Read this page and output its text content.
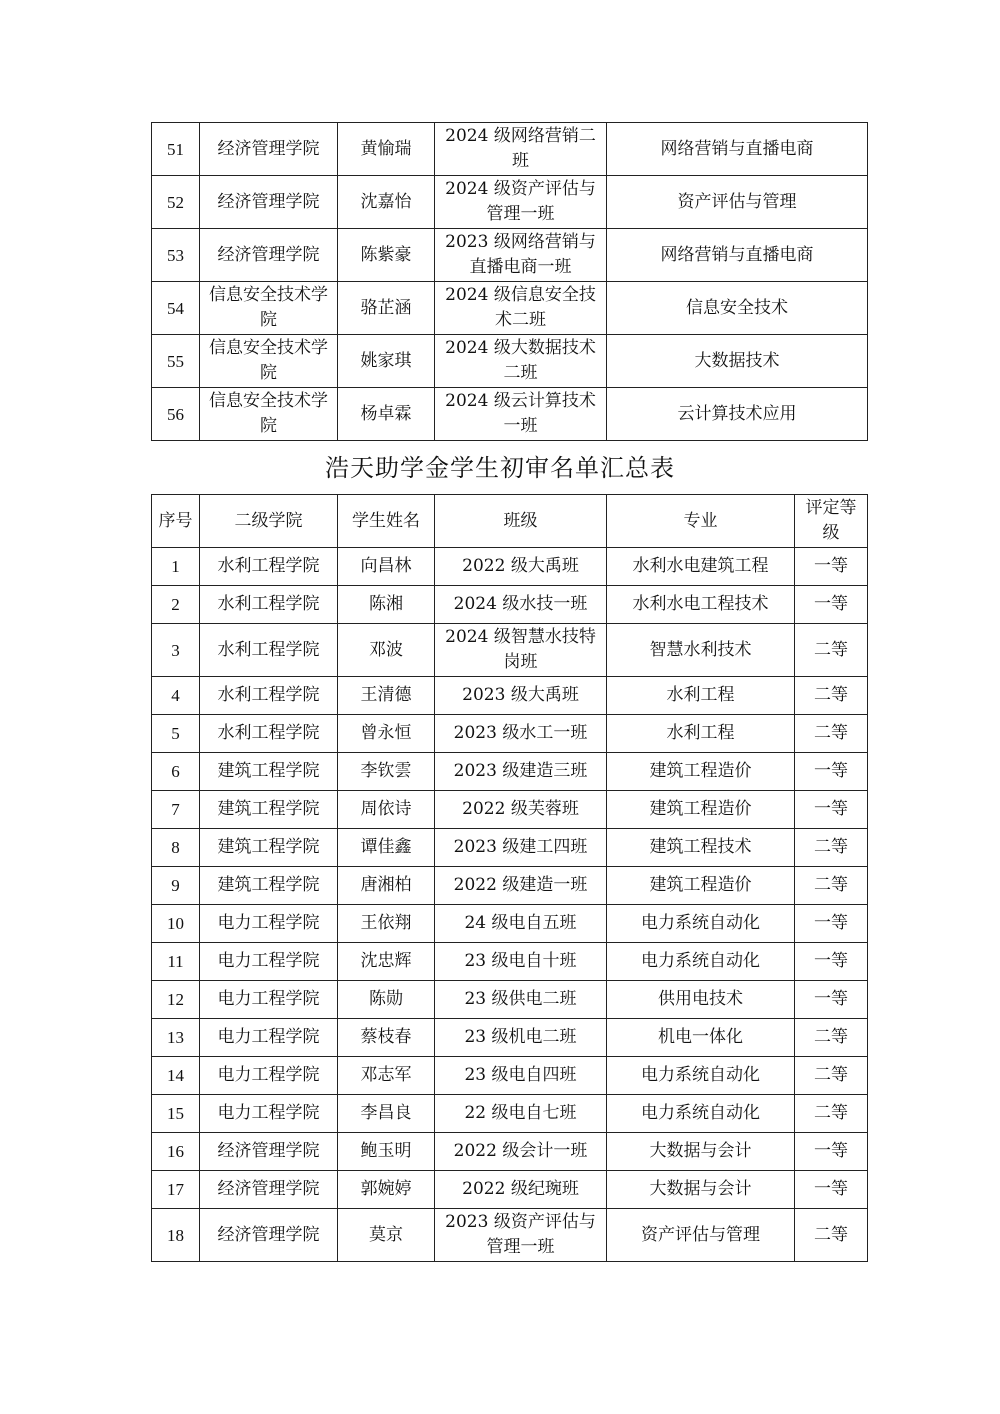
51	经济管理学院	黄愉瑞	2024 级网络营销二班	网络营销与直播电商
52	经济管理学院	沈嘉怡	2024 级资产评估与管理一班	资产评估与管理
53	经济管理学院	陈紫豪	2023 级网络营销与直播电商一班	网络营销与直播电商
54	信息安全技术学院	骆芷涵	2024 级信息安全技术二班	信息安全技术
55	信息安全技术学院	姚家琪	2024 级大数据技术二班	大数据技术
56	信息安全技术学院	杨卓霖	2024 级云计算技术一班	云计算技术应用
浩天助学金学生初审名单汇总表
序号	二级学院	学生姓名	班级	专业	评定等级
1	水利工程学院	向昌林	2022 级大禹班	水利水电建筑工程	一等
2	水利工程学院	陈湘	2024 级水技一班	水利水电工程技术	一等
3	水利工程学院	邓波	2024 级智慧水技特岗班	智慧水利技术	二等
4	水利工程学院	王清德	2023 级大禹班	水利工程	二等
5	水利工程学院	曾永恒	2023 级水工一班	水利工程	二等
6	建筑工程学院	李钦雲	2023 级建造三班	建筑工程造价	一等
7	建筑工程学院	周依诗	2022 级芙蓉班	建筑工程造价	一等
8	建筑工程学院	谭佳鑫	2023 级建工四班	建筑工程技术	二等
9	建筑工程学院	唐湘柏	2022 级建造一班	建筑工程造价	二等
10	电力工程学院	王依翔	24 级电自五班	电力系统自动化	一等
11	电力工程学院	沈忠辉	23 级电自十班	电力系统自动化	一等
12	电力工程学院	陈勋	23 级供电二班	供用电技术	一等
13	电力工程学院	蔡枝春	23 级机电二班	机电一体化	二等
14	电力工程学院	邓志军	23 级电自四班	电力系统自动化	二等
15	电力工程学院	李昌良	22 级电自七班	电力系统自动化	二等
16	经济管理学院	鲍玉明	2022 级会计一班	大数据与会计	一等
17	经济管理学院	郭婉婷	2022 级纪琬班	大数据与会计	一等
18	经济管理学院	莫京	2023 级资产评估与管理一班	资产评估与管理	二等
